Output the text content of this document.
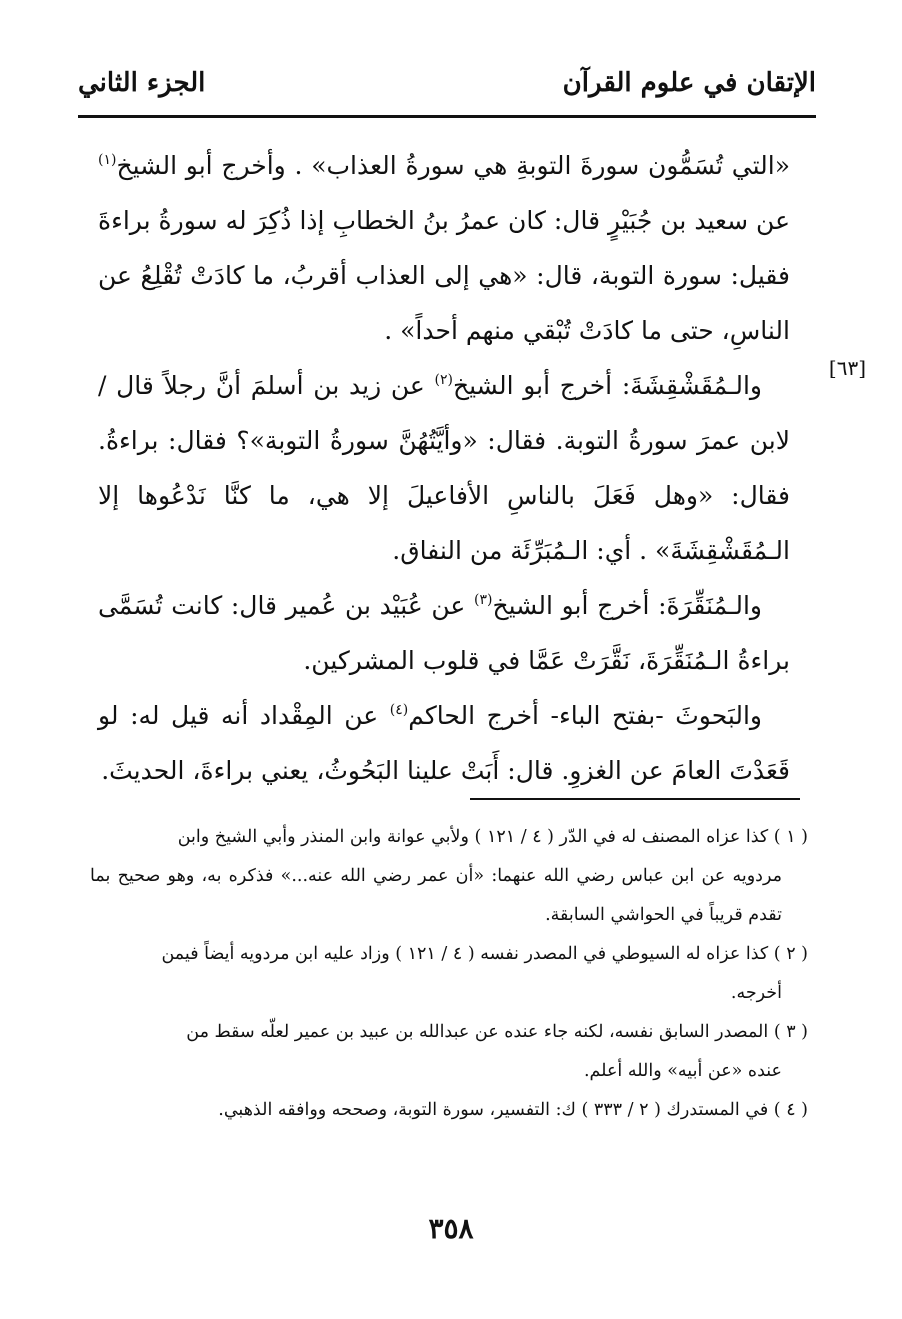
الإتقان في علوم القرآن
الجزء الثاني
[٦٣]

«التي تُسَمُّون سورةَ التوبةِ هي سورةُ العذاب» . وأخرج أبو الشيخ$^{(١)}$ عن سعيد بن جُبَيْرٍ قال: كان عمرُ بنُ الخطابِ إذا ذُكِرَ له سورةُ براءةَ فقيل: سورة التوبة، قال: «هي إلى العذاب أقربُ، ما كادَتْ تُقْلِعُ عن الناسِ، حتى ما كادَتْ تُبْقي منهم أحداً» .

والـمُقَشْقِشَةَ: أخرج أبو الشيخ$^{(٢)}$ عن زيد بن أسلمَ أنَّ رجلاً قال / لابن عمرَ سورةُ التوبة. فقال: «وأيَّتُهُنَّ سورةُ التوبة»؟ فقال: براءةُ. فقال: «وهل فَعَلَ بالناسِ الأفاعيلَ إلا هي، ما كنَّا نَدْعُوها إلا الـمُقَشْقِشَةَ» . أي: الـمُبَرِّئَة من النفاق.

والـمُنَقِّرَةَ: أخرج أبو الشيخ$^{(٣)}$ عن عُبَيْد بن عُمير قال: كانت تُسَمَّى براءةُ الـمُنَقِّرَةَ، نَقَّرَتْ عَمَّا في قلوب المشركين.

والبَحوثَ -بفتح الباء- أخرج الحاكم$^{(٤)}$ عن المِقْداد أنه قيل له: لو قَعَدْتَ العامَ عن الغزوِ. قال: أَبَتْ علينا البَحُوثُ، يعني براءةَ، الحديثَ.

( ١ ) كذا عزاه المصنف له في الدّر ( ٤ / ١٢١ ) ولأبي عوانة وابن المنذر وأبي الشيخ وابن

مردويه عن ابن عباس رضي الله عنهما: «أن عمر رضي الله عنه...» فذكره به، وهو صحيح بما تقدم قريباً في الحواشي السابقة.

( ٢ ) كذا عزاه له السيوطي في المصدر نفسه ( ٤ / ١٢١ ) وزاد عليه ابن مردويه أيضاً فيمن

أخرجه.

( ٣ ) المصدر السابق نفسه، لكنه جاء عنده عن عبدالله بن عبيد بن عمير لعلّه سقط من

عنده «عن أبيه» والله أعلم.

( ٤ ) في المستدرك ( ٢ / ٣٣٣ ) ك: التفسير، سورة التوبة، وصححه ووافقه الذهبي.

٣٥٨
